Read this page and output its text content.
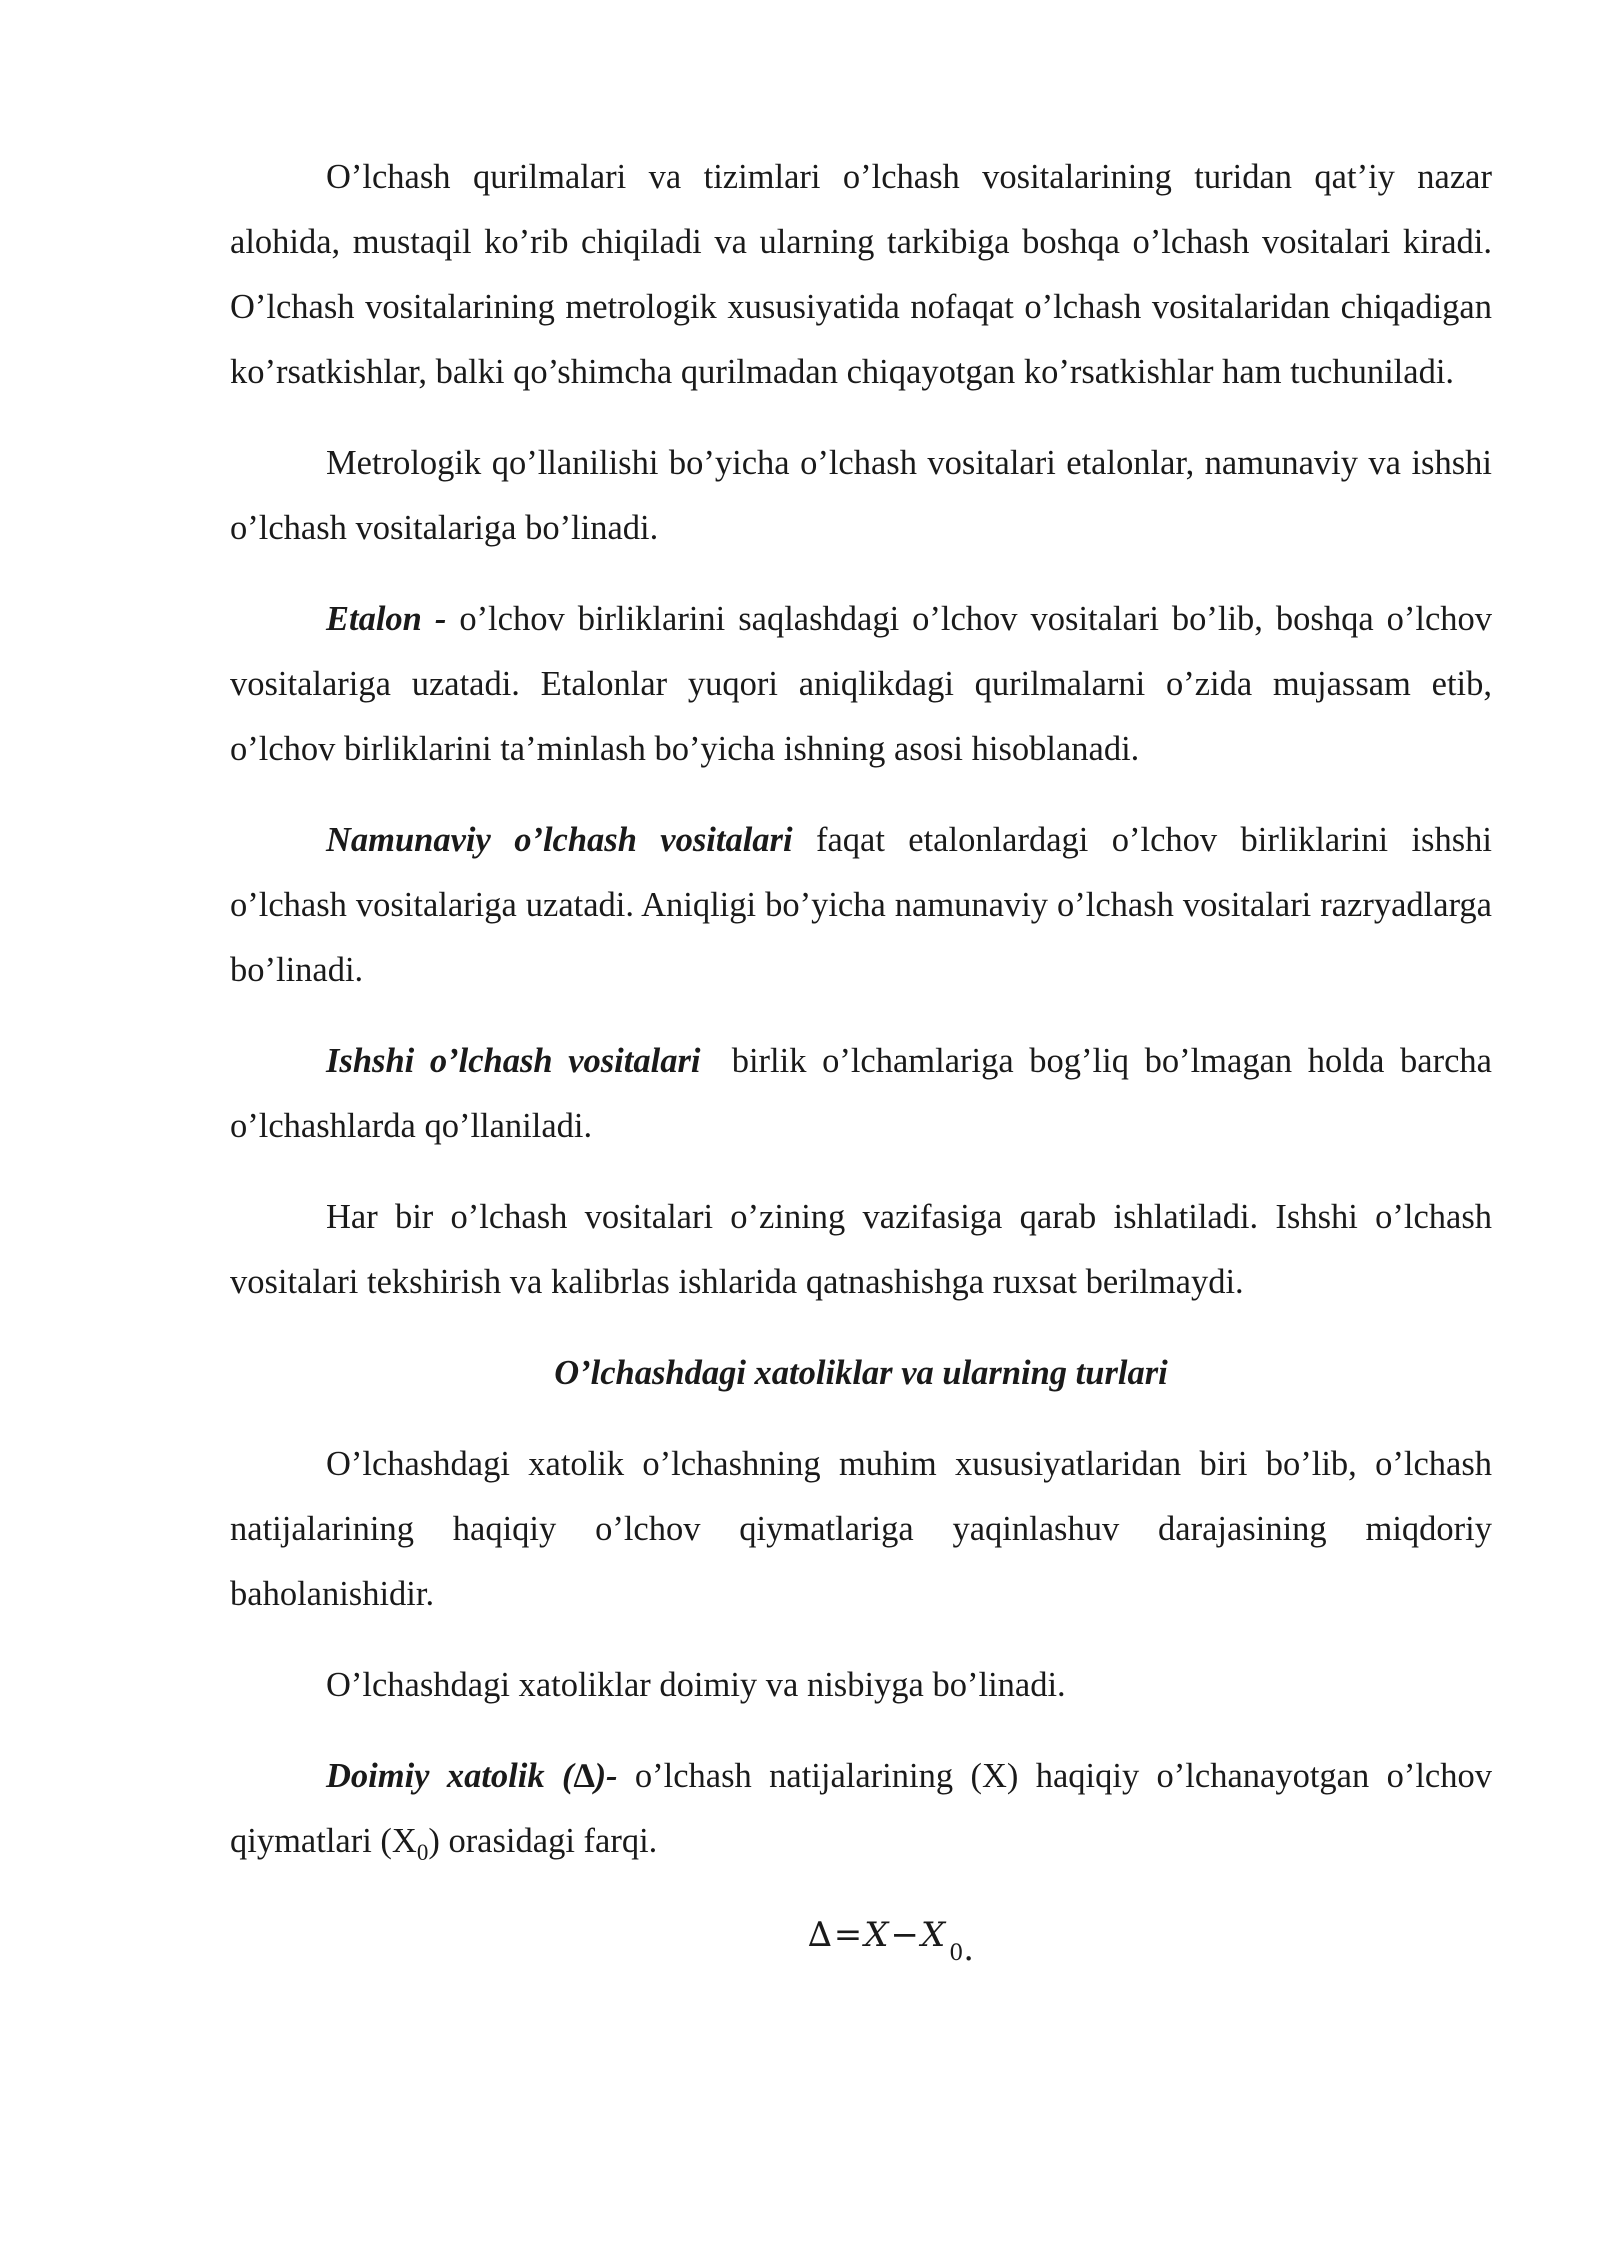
O’lchash qurilmalari va tizimlari o’lchash vositalarining turidan qat’iy nazar alohida, mustaqil ko’rib chiqiladi va ularning tarkibiga boshqa o’lchash vositalari kiradi. O’lchash vositalarining metrologik xususiyatida nofaqat o’lchash vositalaridan chiqadigan ko’rsatkishlar, balki qo’shimcha qurilmadan chiqayotgan ko’rsatkishlar ham tuchuniladi.

Metrologik qo’llanilishi bo’yicha o’lchash vositalari etalonlar, namunaviy va ishshi o’lchash vositalariga bo’linadi.

Etalon - o’lchov birliklarini saqlashdagi o’lchov vositalari bo’lib, boshqa o’lchov vositalariga uzatadi. Etalonlar yuqori aniqlikdagi qurilmalarni o’zida mujassam etib, o’lchov birliklarini ta’minlash bo’yicha ishning asosi hisoblanadi.

Namunaviy o’lchash vositalari faqat etalonlardagi o’lchov birliklarini ishshi o’lchash vositalariga uzatadi. Aniqligi bo’yicha namunaviy o’lchash vositalari razryadlarga bo’linadi.

Ishshi o’lchash vositalari  birlik o’lchamlariga bog’liq bo’lmagan holda barcha o’lchashlarda qo’llaniladi.

Har bir o’lchash vositalari o’zining vazifasiga qarab ishlatiladi. Ishshi o’lchash vositalari tekshirish va kalibrlas ishlarida qatnashishga ruxsat berilmaydi.

O’lchashdagi xatoliklar va ularning turlari

O’lchashdagi xatolik o’lchashning muhim xususiyatlaridan biri bo’lib, o’lchash natijalarining haqiqiy o’lchov qiymatlariga yaqinlashuv darajasining miqdoriy baholanishidir.

O’lchashdagi xatoliklar doimiy va nisbiyga bo’linadi.

Doimiy xatolik (∆)- o’lchash natijalarining (X) haqiqiy o’lchanayotgan o’lchov qiymatlari $(X_0)$ orasidagi farqi.

∆=X−X $_0$.
